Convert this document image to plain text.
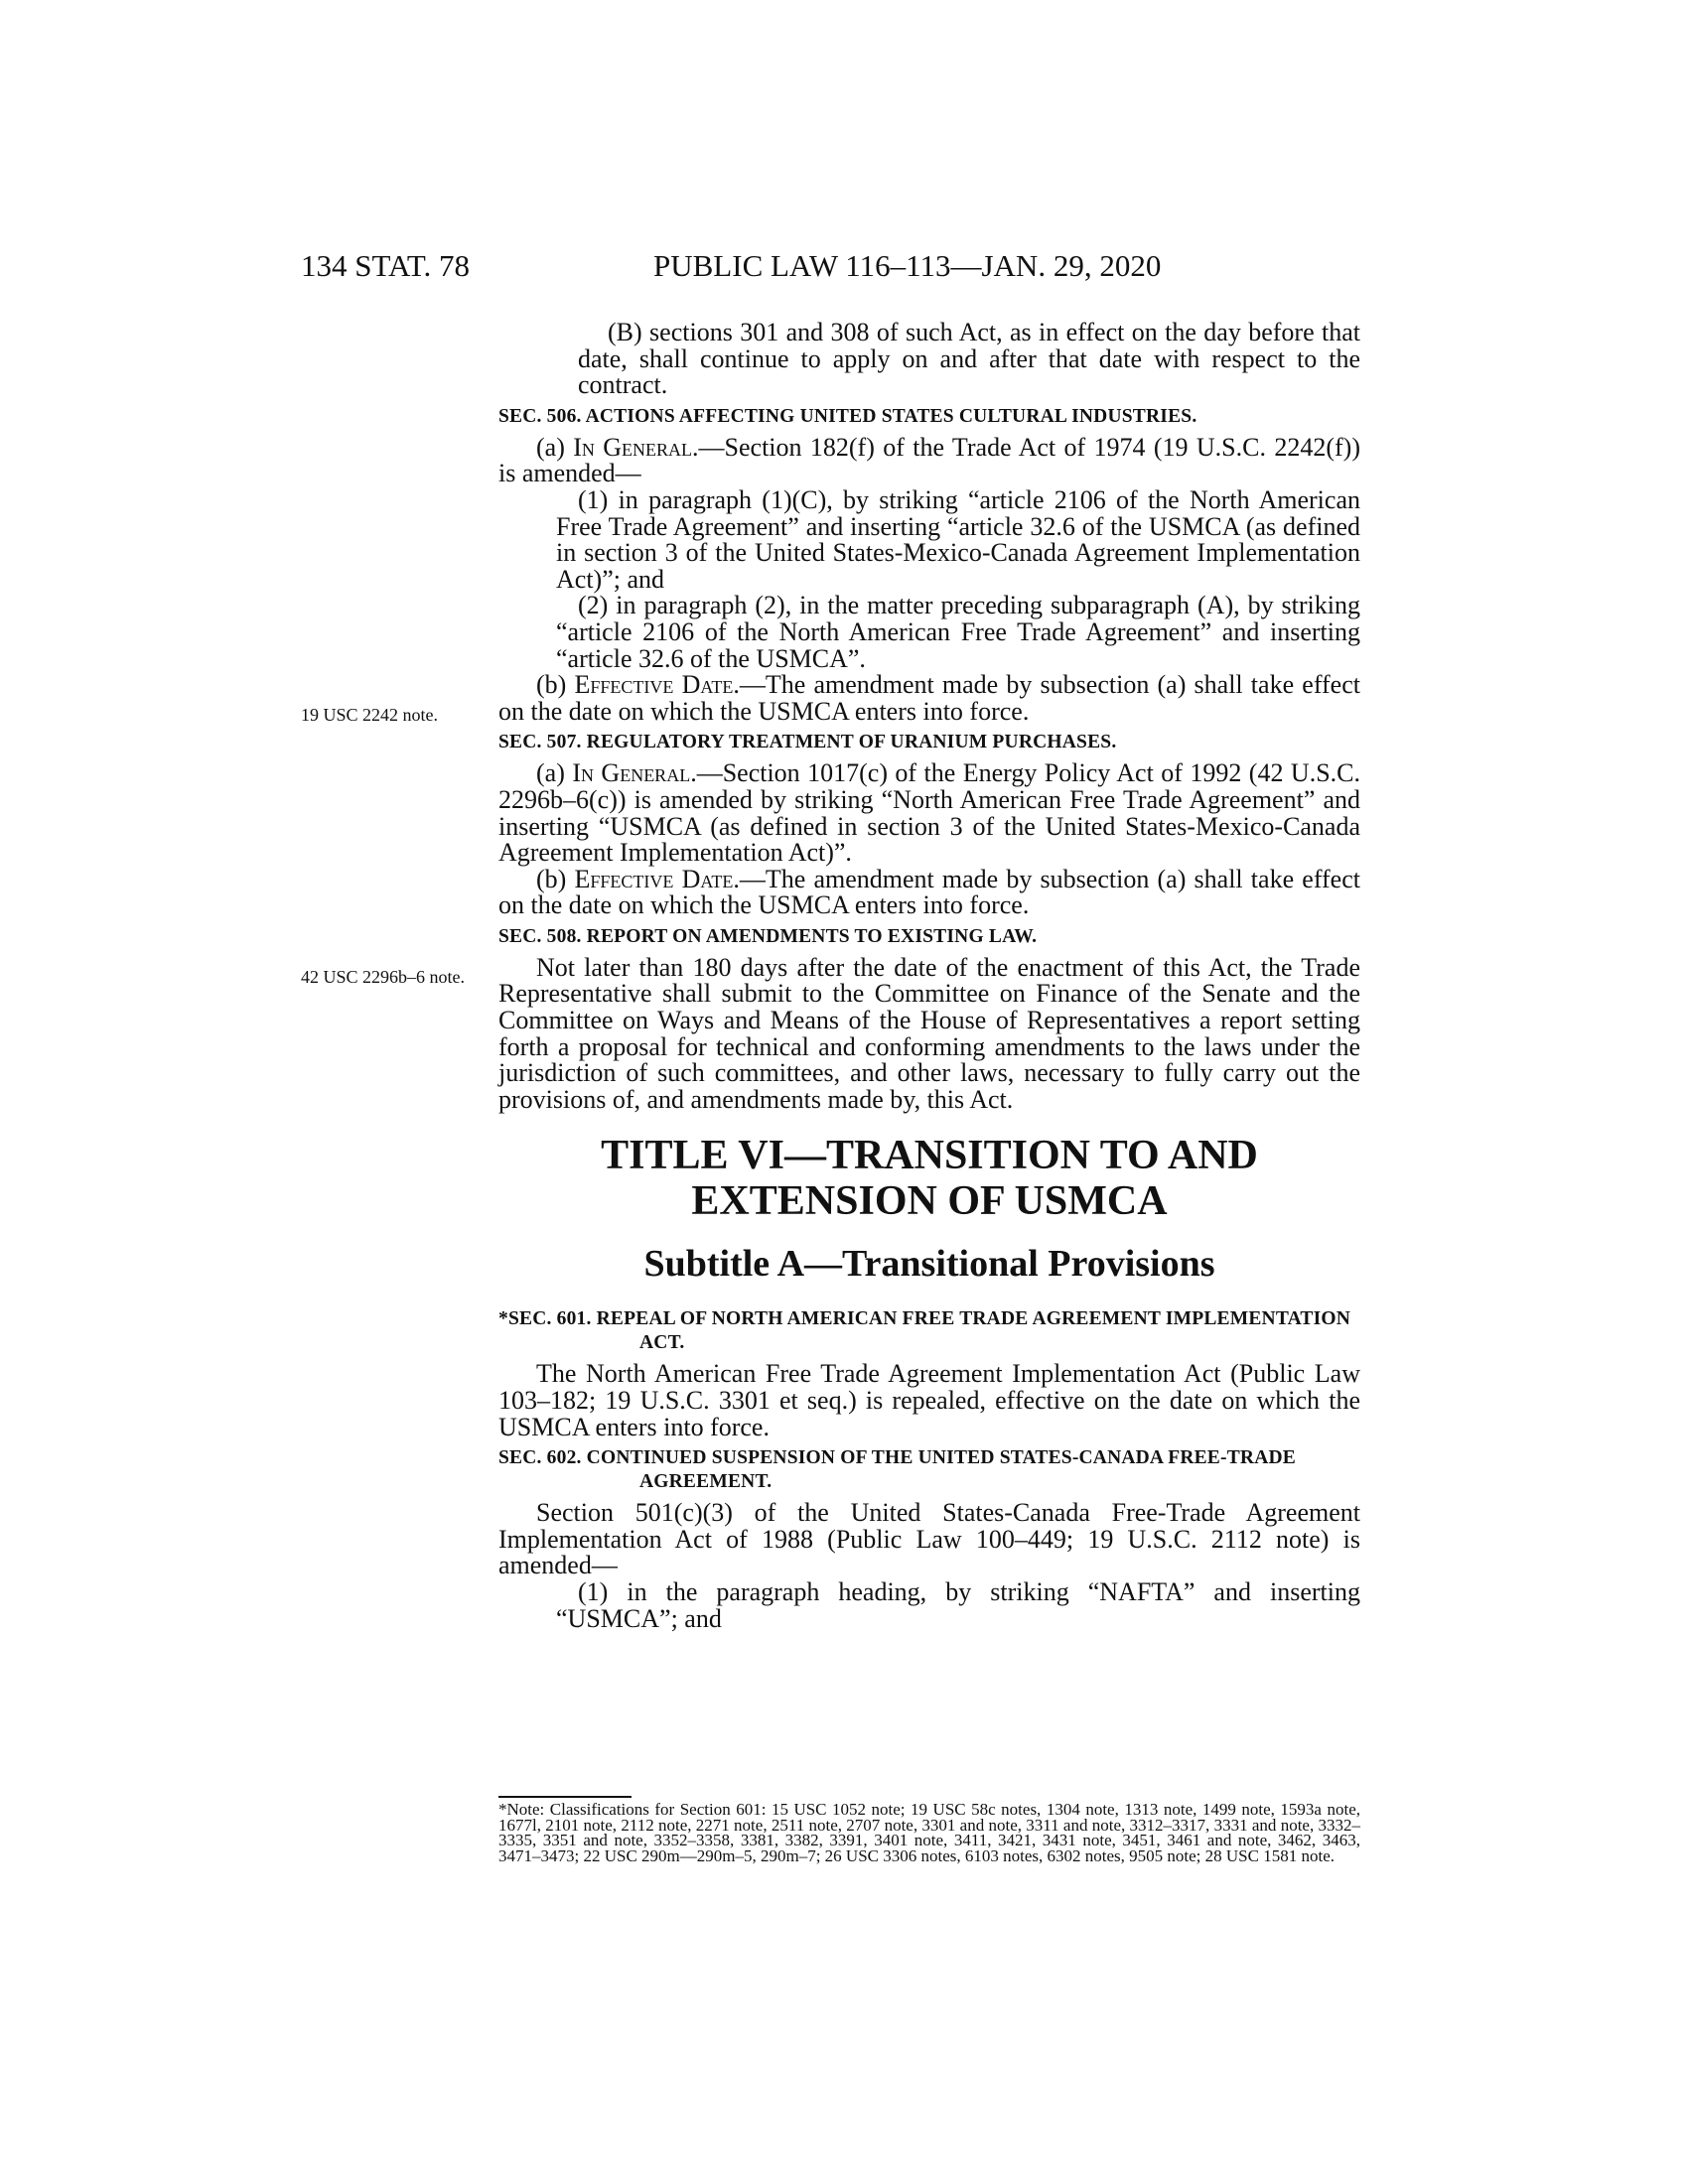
134 STAT. 78	PUBLIC LAW 116–113—JAN. 29, 2020
19 USC 2242 note.
42 USC 2296b–6 note.

(B) sections 301 and 308 of such Act, as in effect on the day before that date, shall continue to apply on and after that date with respect to the contract.

SEC. 506. ACTIONS AFFECTING UNITED STATES CULTURAL INDUSTRIES.

(a) In General.—Section 182(f) of the Trade Act of 1974 (19 U.S.C. 2242(f)) is amended—

(1) in paragraph (1)(C), by striking “article 2106 of the North American Free Trade Agreement” and inserting “article 32.6 of the USMCA (as defined in section 3 of the United States-Mexico-Canada Agreement Implementation Act)”; and

(2) in paragraph (2), in the matter preceding subparagraph (A), by striking “article 2106 of the North American Free Trade Agreement” and inserting “article 32.6 of the USMCA”.

(b) Effective Date.—The amendment made by subsection (a) shall take effect on the date on which the USMCA enters into force.

SEC. 507. REGULATORY TREATMENT OF URANIUM PURCHASES.

(a) In General.—Section 1017(c) of the Energy Policy Act of 1992 (42 U.S.C. 2296b–6(c)) is amended by striking “North American Free Trade Agreement” and inserting “USMCA (as defined in section 3 of the United States-Mexico-Canada Agreement Implementation Act)”.

(b) Effective Date.—The amendment made by subsection (a) shall take effect on the date on which the USMCA enters into force.

SEC. 508. REPORT ON AMENDMENTS TO EXISTING LAW.

Not later than 180 days after the date of the enactment of this Act, the Trade Representative shall submit to the Committee on Finance of the Senate and the Committee on Ways and Means of the House of Representatives a report setting forth a proposal for technical and conforming amendments to the laws under the jurisdiction of such committees, and other laws, necessary to fully carry out the provisions of, and amendments made by, this Act.

TITLE VI—TRANSITION TO AND
EXTENSION OF USMCA
Subtitle A—Transitional Provisions
*SEC. 601. REPEAL OF NORTH AMERICAN FREE TRADE AGREEMENT IMPLEMENTATION ACT.

The North American Free Trade Agreement Implementation Act (Public Law 103–182; 19 U.S.C. 3301 et seq.) is repealed, effective on the date on which the USMCA enters into force.

SEC. 602. CONTINUED SUSPENSION OF THE UNITED STATES-CANADA FREE-TRADE AGREEMENT.

Section 501(c)(3) of the United States-Canada Free-Trade Agreement Implementation Act of 1988 (Public Law 100–449; 19 U.S.C. 2112 note) is amended—

(1) in the paragraph heading, by striking “NAFTA” and inserting “USMCA”; and

*Note: Classifications for Section 601: 15 USC 1052 note; 19 USC 58c notes, 1304 note, 1313 note, 1499 note, 1593a note, 1677l, 2101 note, 2112 note, 2271 note, 2511 note, 2707 note, 3301 and note, 3311 and note, 3312–3317, 3331 and note, 3332–3335, 3351 and note, 3352–3358, 3381, 3382, 3391, 3401 note, 3411, 3421, 3431 note, 3451, 3461 and note, 3462, 3463, 3471–3473; 22 USC 290m—290m–5, 290m–7; 26 USC 3306 notes, 6103 notes, 6302 notes, 9505 note; 28 USC 1581 note.
